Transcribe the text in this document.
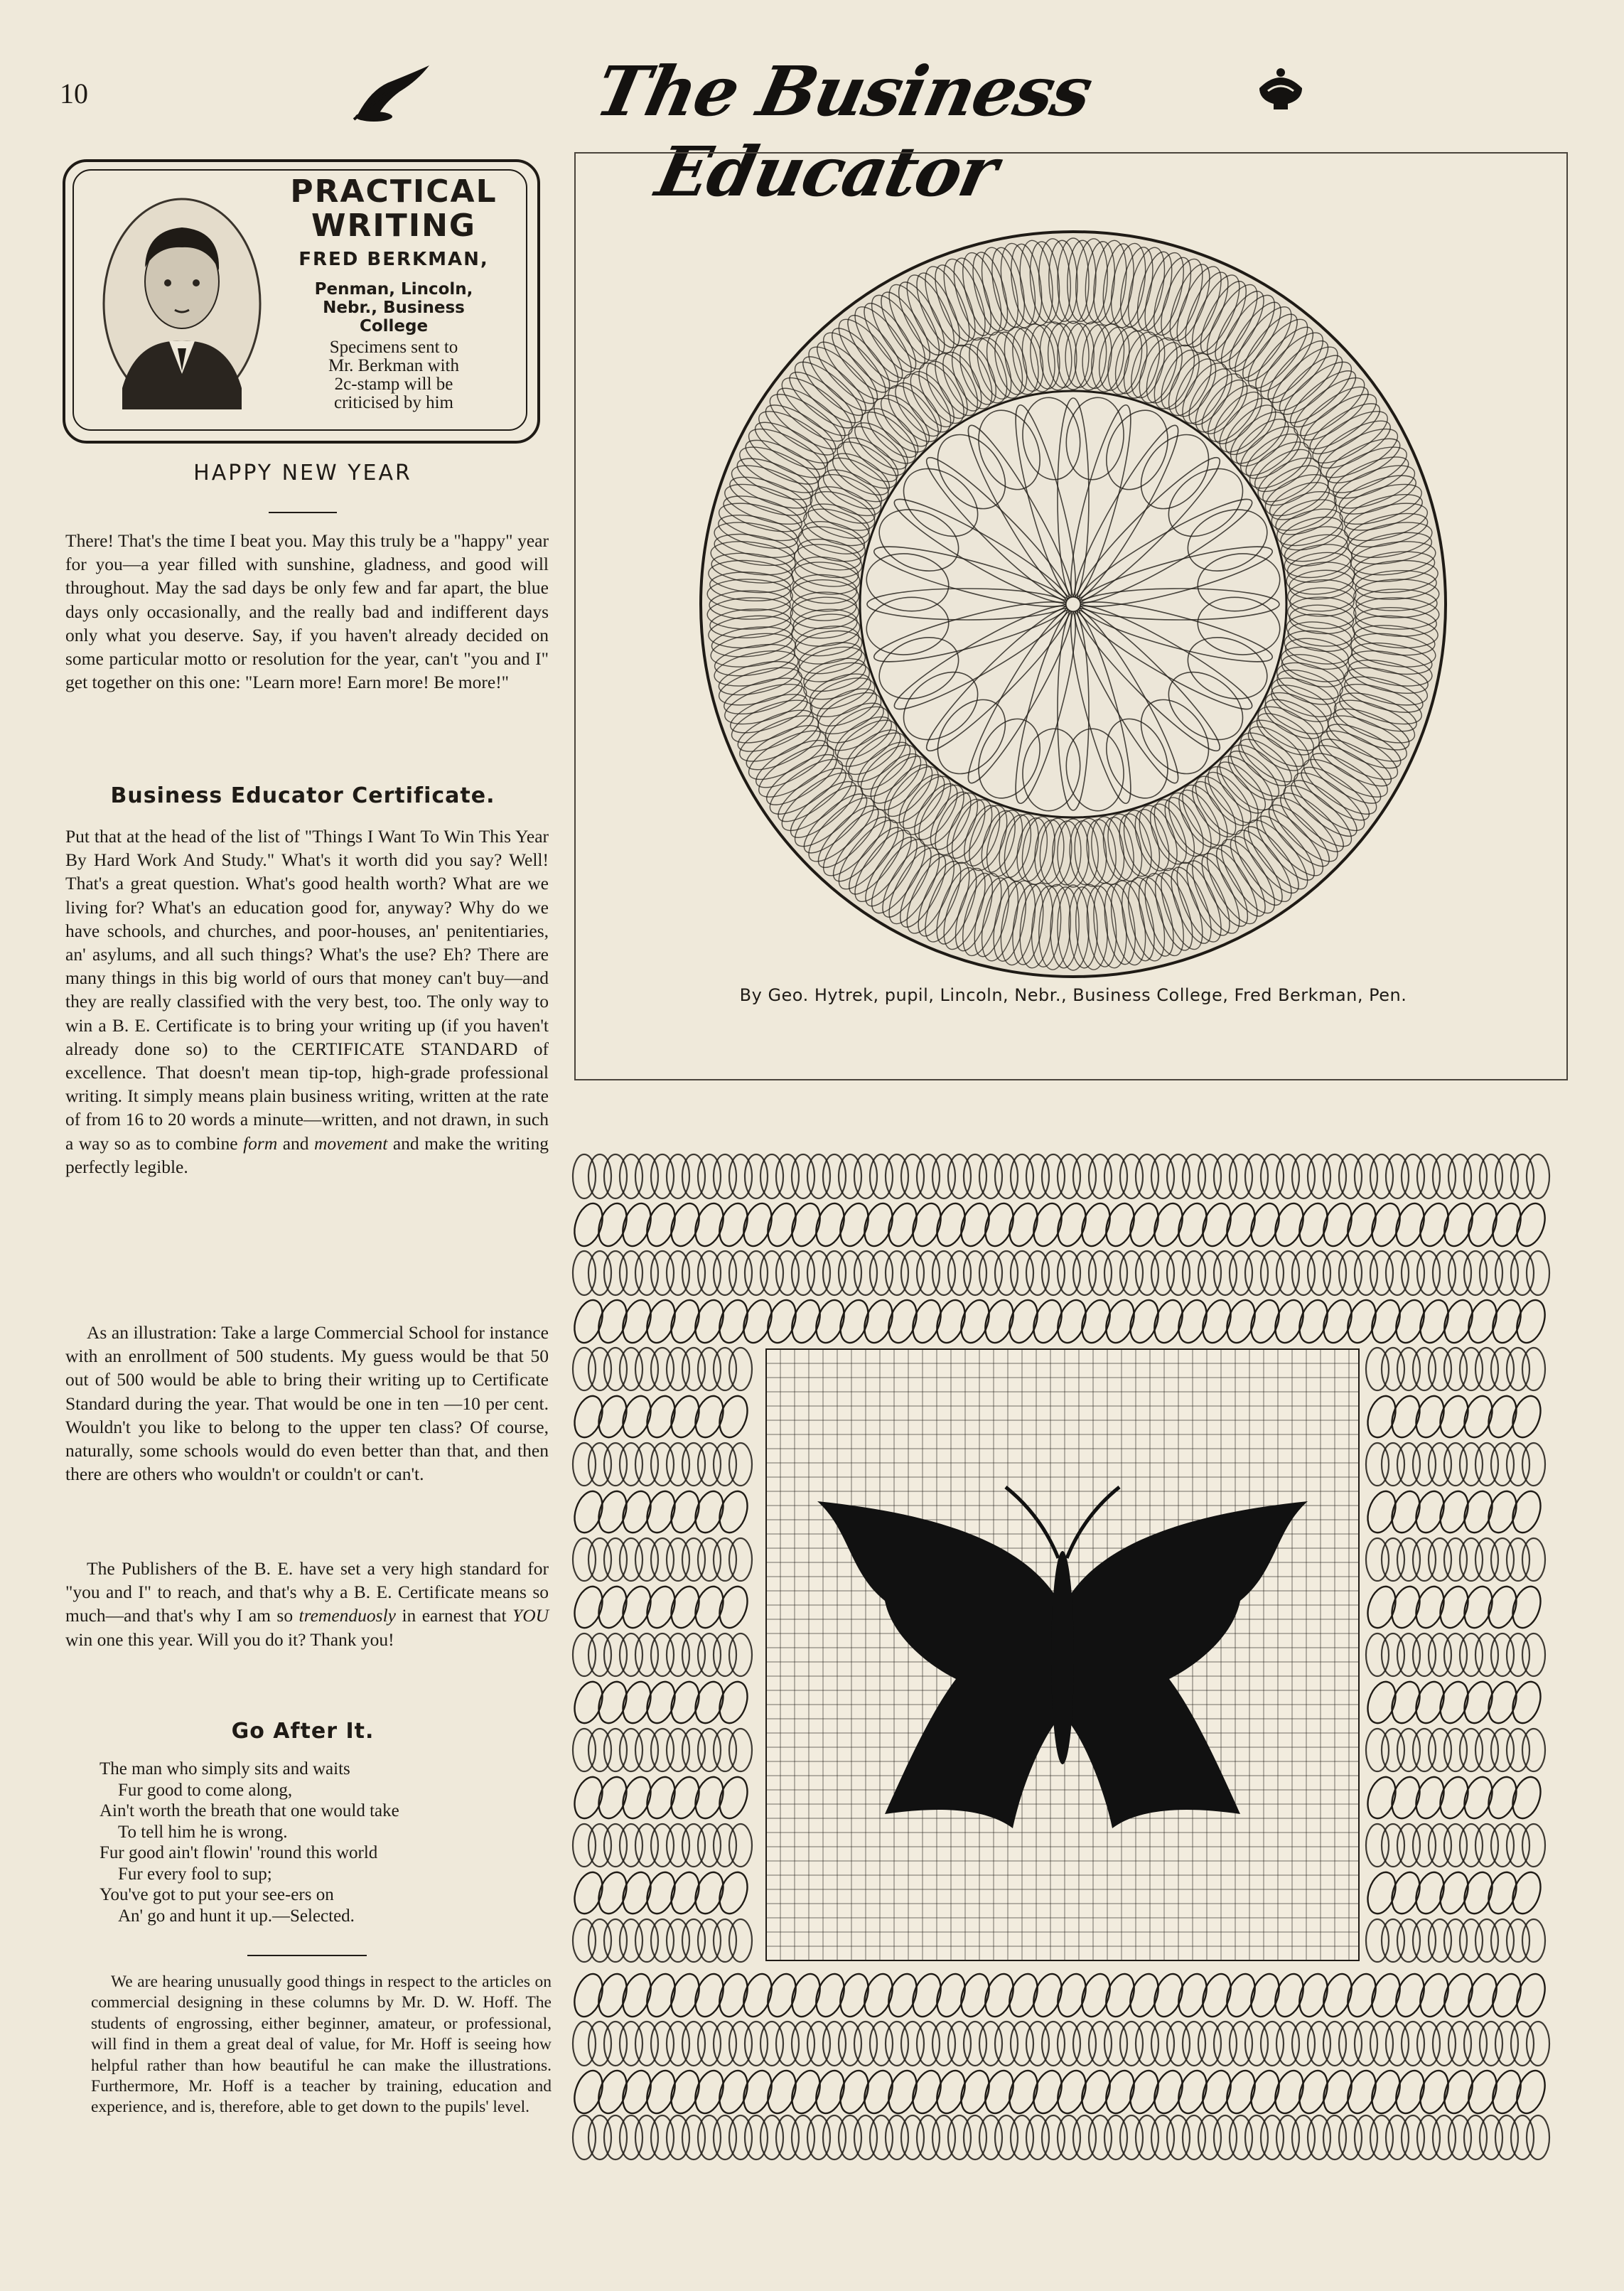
10	The Business Educator
PRACTICAL
WRITING
FRED BERKMAN,
Penman, Lincoln,
Nebr., Business
College
Specimens sent to
Mr. Berkman with
2c-stamp will be
criticised by him
HAPPY NEW YEAR

There! That's the time I beat you. May this truly be a "happy" year for you—a year filled with sunshine, gladness, and good will throughout. May the sad days be only few and far apart, the blue days only occasionally, and the really bad and indifferent days only what you deserve. Say, if you haven't already decided on some particular motto or resolution for the year, can't "you and I" get together on this one: "Learn more! Earn more! Be more!"

Business Educator Certificate.

Put that at the head of the list of "Things I Want To Win This Year By Hard Work And Study." What's it worth did you say? Well! That's a great question. What's good health worth? What are we living for? What's an education good for, anyway? Why do we have schools, and churches, and poor-houses, an' penitentiaries, an' asylums, and all such things? What's the use? Eh? There are many things in this big world of ours that money can't buy—and they are really classified with the very best, too. The only way to win a B. E. Certificate is to bring your writing up (if you haven't already done so) to the CERTIFICATE STANDARD of excellence. That doesn't mean tip-top, high-grade professional writing. It simply means plain business writing, written at the rate of from 16 to 20 words a minute—written, and not drawn, in such a way so as to combine form and movement and make the writing perfectly legible.

As an illustration: Take a large Commercial School for instance with an enrollment of 500 students. My guess would be that 50 out of 500 would be able to bring their writing up to Certificate Standard during the year. That would be one in ten —10 per cent. Wouldn't you like to belong to the upper ten class? Of course, naturally, some schools would do even better than that, and then there are others who wouldn't or couldn't or can't.

The Publishers of the B. E. have set a very high standard for "you and I" to reach, and that's why a B. E. Certificate means so much—and that's why I am so tremenduosly in earnest that YOU win one this year. Will you do it? Thank you!

Go After It.
The man who simply sits and waits
Fur good to come along,
Ain't worth the breath that one would take
To tell him he is wrong.
Fur good ain't flowin' 'round this world
Fur every fool to sup;
You've got to put your see-ers on
An' go and hunt it up.—Selected.

We are hearing unusually good things in respect to the articles on commercial designing in these columns by Mr. D. W. Hoff. The students of engrossing, either beginner, amateur, or professional, will find in them a great deal of value, for Mr. Hoff is seeing how helpful rather than how beautiful he can make the illustrations. Furthermore, Mr. Hoff is a teacher by training, education and experience, and is, therefore, able to get down to the pupils' level.

By Geo. Hytrek, pupil, Lincoln, Nebr., Business College, Fred Berkman, Pen.
